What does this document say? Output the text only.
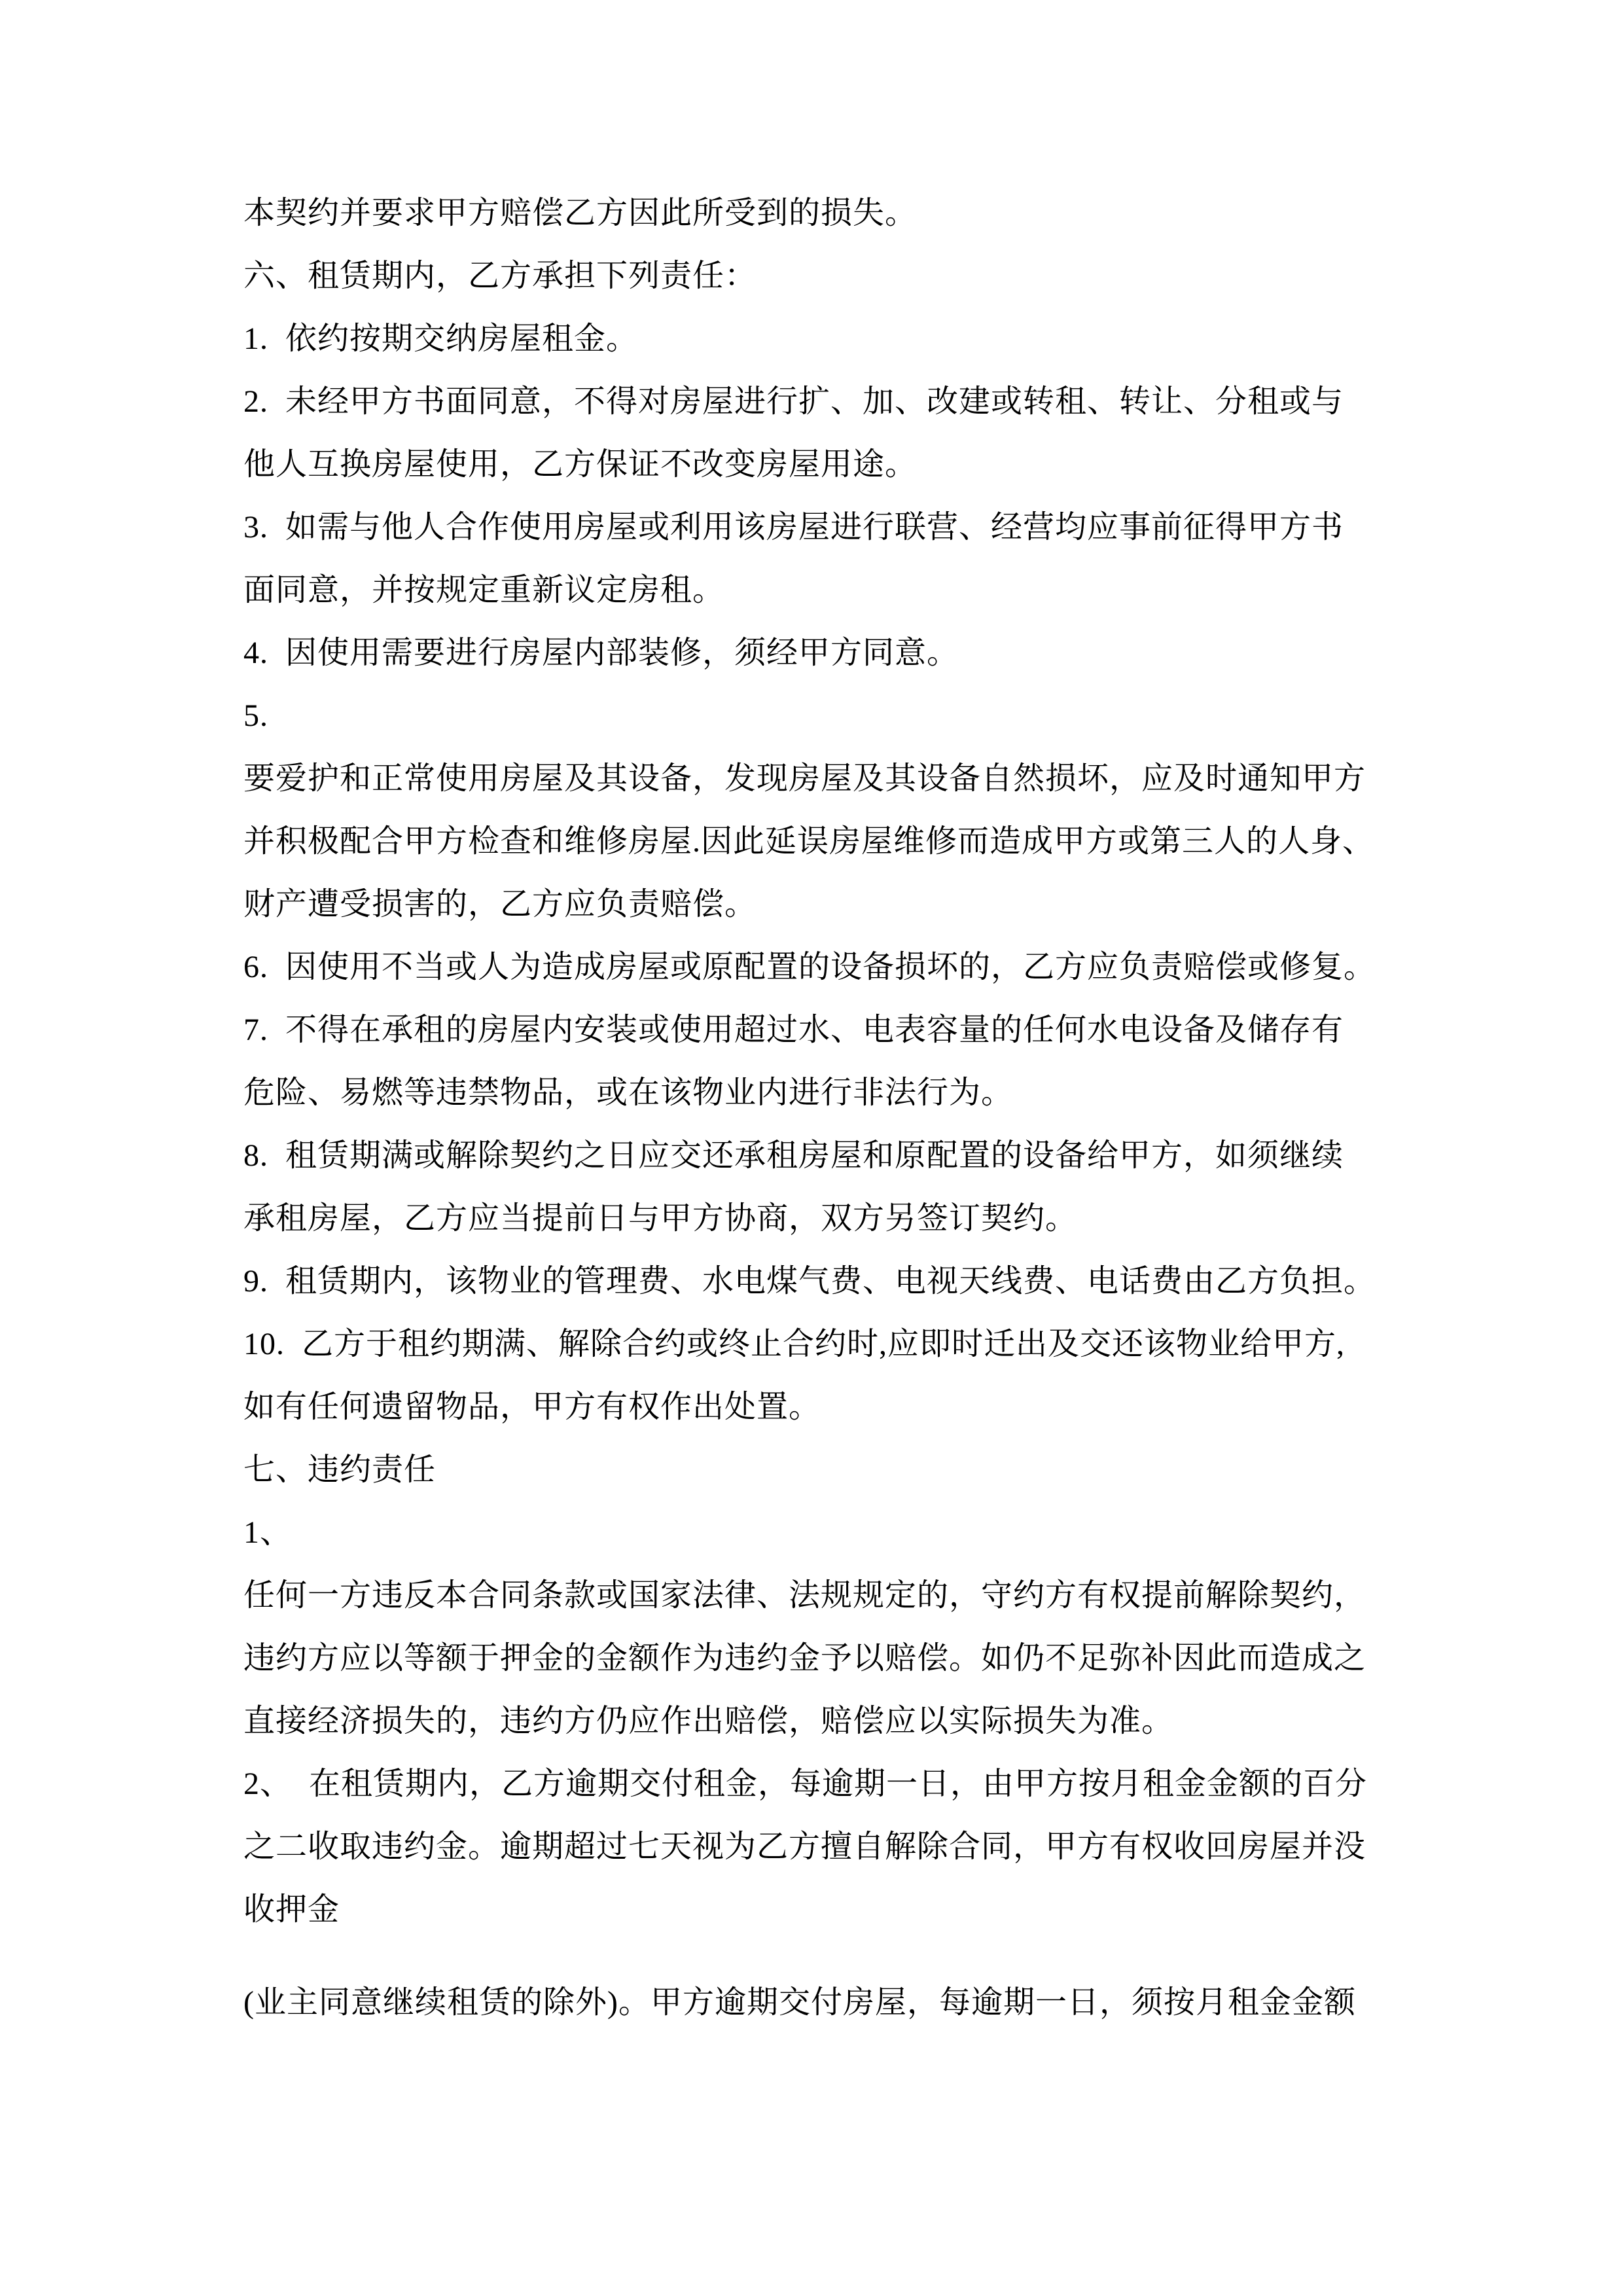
本契约并要求甲方赔偿乙方因此所受到的损失。
六、租赁期内，乙方承担下列责任：
1.  依约按期交纳房屋租金。
2.  未经甲方书面同意，不得对房屋进行扩、加、改建或转租、转让、分租或与
他人互换房屋使用，乙方保证不改变房屋用途。
3.  如需与他人合作使用房屋或利用该房屋进行联营、经营均应事前征得甲方书
面同意，并按规定重新议定房租。
4.  因使用需要进行房屋内部装修，须经甲方同意。
5.
要爱护和正常使用房屋及其设备，发现房屋及其设备自然损坏，应及时通知甲方
并积极配合甲方检查和维修房屋.因此延误房屋维修而造成甲方或第三人的人身、
财产遭受损害的，乙方应负责赔偿。
6.  因使用不当或人为造成房屋或原配置的设备损坏的，乙方应负责赔偿或修复。
7.  不得在承租的房屋内安装或使用超过水、电表容量的任何水电设备及储存有
危险、易燃等违禁物品，或在该物业内进行非法行为。
8.  租赁期满或解除契约之日应交还承租房屋和原配置的设备给甲方，如须继续
承租房屋，乙方应当提前日与甲方协商，双方另签订契约。
9.  租赁期内，该物业的管理费、水电煤气费、电视天线费、电话费由乙方负担。
10.  乙方于租约期满、解除合约或终止合约时,应即时迁出及交还该物业给甲方,
如有任何遗留物品，甲方有权作出处置。
七、违约责任
1、
任何一方违反本合同条款或国家法律、法规规定的，守约方有权提前解除契约，
违约方应以等额于押金的金额作为违约金予以赔偿。如仍不足弥补因此而造成之
直接经济损失的，违约方仍应作出赔偿，赔偿应以实际损失为准。
2、  在租赁期内，乙方逾期交付租金，每逾期一日，由甲方按月租金金额的百分
之二收取违约金。逾期超过七天视为乙方擅自解除合同，甲方有权收回房屋并没
收押金
(业主同意继续租赁的除外)。甲方逾期交付房屋，每逾期一日，须按月租金金额
